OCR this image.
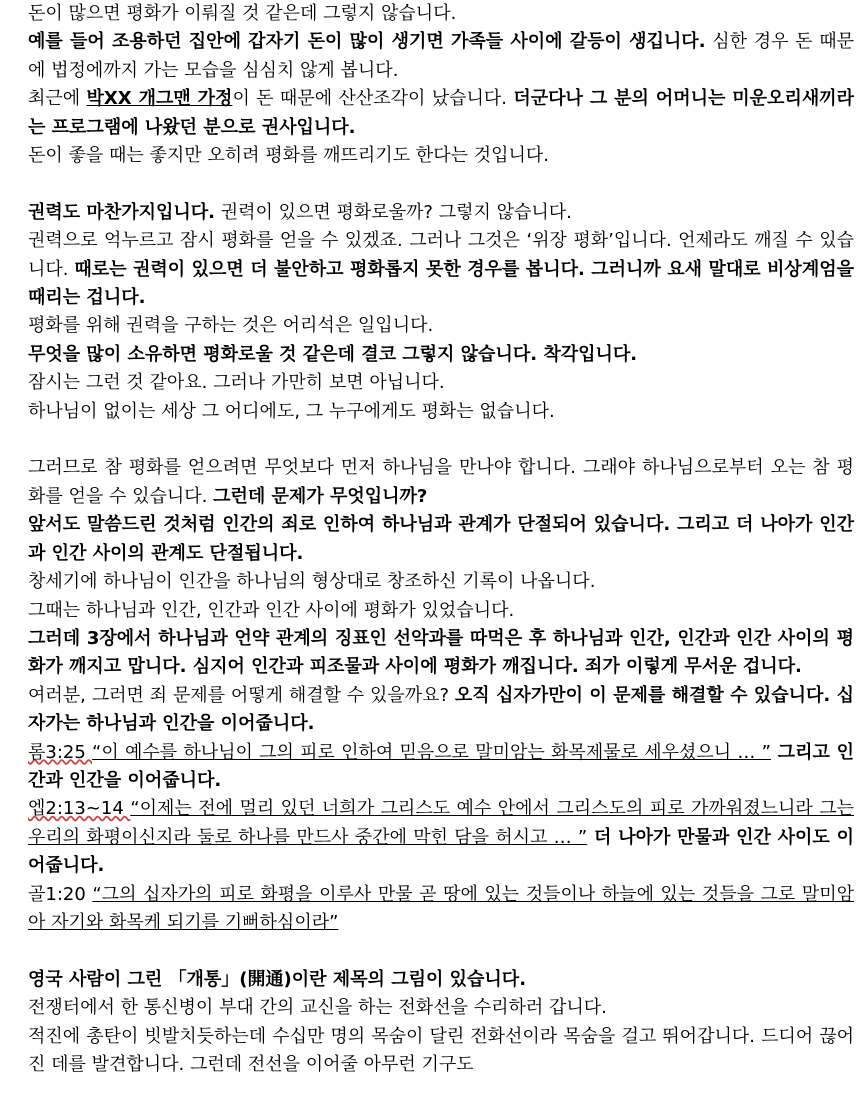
돈이 많으면 평화가 이뤄질 것 같은데 그렇지 않습니다.
예를 들어 조용하던 집안에 갑자기 돈이 많이 생기면 가족들 사이에 갈등이 생깁니다. 심한 경우 돈 때문에 법정에까지 가는 모습을 심심치 않게 봅니다.
최근에 박XX 개그맨 가정이 돈 때문에 산산조각이 났습니다. 더군다나 그 분의 어머니는 미운오리새끼라는 프로그램에 나왔던 분으로 권사입니다.
돈이 좋을 때는 좋지만 오히려 평화를 깨뜨리기도 한다는 것입니다.
권력도 마찬가지입니다. 권력이 있으면 평화로울까? 그렇지 않습니다.
권력으로 억누르고 잠시 평화를 얻을 수 있겠죠. 그러나 그것은 ‘위장 평화’입니다. 언제라도 깨질 수 있습니다. 때로는 권력이 있으면 더 불안하고 평화롭지 못한 경우를 봅니다. 그러니까 요새 말대로 비상계엄을 때리는 겁니다.
평화를 위해 권력을 구하는 것은 어리석은 일입니다.
무엇을 많이 소유하면 평화로울 것 같은데 결코 그렇지 않습니다. 착각입니다.
잠시는 그런 것 같아요. 그러나 가만히 보면 아닙니다.
하나님이 없이는 세상 그 어디에도, 그 누구에게도 평화는 없습니다.
그러므로 참 평화를 얻으려면 무엇보다 먼저 하나님을 만나야 합니다. 그래야 하나님으로부터 오는 참 평화를 얻을 수 있습니다. 그런데 문제가 무엇입니까?
앞서도 말씀드린 것처럼 인간의 죄로 인하여 하나님과 관계가 단절되어 있습니다. 그리고 더 나아가 인간과 인간 사이의 관계도 단절됩니다.
창세기에 하나님이 인간을 하나님의 형상대로 창조하신 기록이 나옵니다.
그때는 하나님과 인간, 인간과 인간 사이에 평화가 있었습니다.
그러데 3장에서 하나님과 언약 관계의 징표인 선악과를 따먹은 후 하나님과 인간, 인간과 인간 사이의 평화가 깨지고 맙니다. 심지어 인간과 피조물과 사이에 평화가 깨집니다. 죄가 이렇게 무서운 겁니다.
여러분, 그러면 죄 문제를 어떻게 해결할 수 있을까요? 오직 십자가만이 이 문제를 해결할 수 있습니다. 십자가는 하나님과 인간을 이어줍니다.
롬3:25 “이 예수를 하나님이 그의 피로 인하여 믿음으로 말미암는 화목제물로 세우셨으니 … ” 그리고 인간과 인간을 이어줍니다.
엡2:13~14 “이제는 전에 멀리 있던 너희가 그리스도 예수 안에서 그리스도의 피로 가까워졌느니라 그는 우리의 화평이신지라 둘로 하나를 만드사 중간에 막힌 담을 허시고 … ” 더 나아가 만물과 인간 사이도 이어줍니다.
골1:20 “그의 십자가의 피로 화평을 이루사 만물 곧 땅에 있는 것들이나 하늘에 있는 것들을 그로 말미암아 자기와 화목케 되기를 기뻐하심이라”
영국 사람이 그린 「개통」(開通)이란 제목의 그림이 있습니다.
전쟁터에서 한 통신병이 부대 간의 교신을 하는 전화선을 수리하러 갑니다.
적진에 총탄이 빗발치듯하는데 수십만 명의 목숨이 달린 전화선이라 목숨을 걸고 뛰어갑니다. 드디어 끊어진 데를 발견합니다. 그런데 전선을 이어줄 아무런 기구도
